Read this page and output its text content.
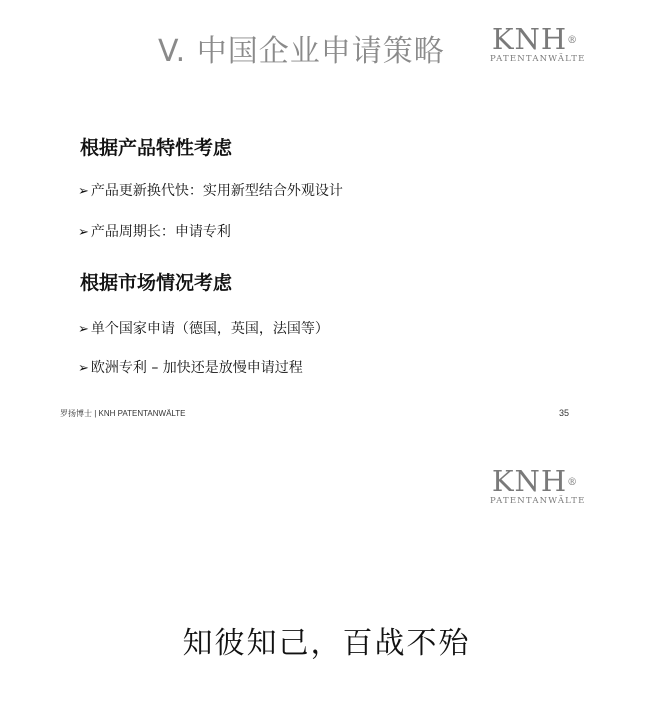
V. 中国企业申请策略 KNH®
PATENTANWÄLTE
根据产品特性考虑
➢ 产品更新换代快：实用新型结合外观设计
➢ 产品周期长：申请专利
根据市场情况考虑
➢ 单个国家申请（德国，英国，法国等）
➢ 欧洲专利 – 加快还是放慢申请过程
罗扬博士 | KNH PATENTANWÄLTE	35
KNH®
PATENTANWÄLTE
知彼知己，百战不殆
